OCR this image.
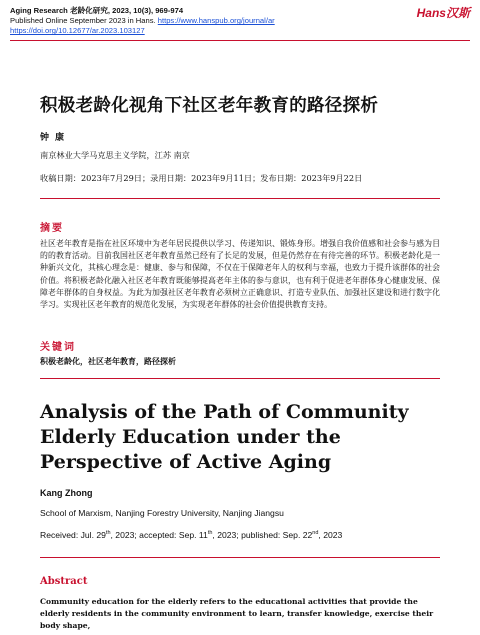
Aging Research 老龄化研究, 2023, 10(3), 969-974
Published Online September 2023 in Hans. https://www.hanspub.org/journal/ar
https://doi.org/10.12677/ar.2023.103127
Hans汉斯
积极老龄化视角下社区老年教育的路径探析
钟康
南京林业大学马克思主义学院，江苏 南京
收稿日期：2023年7月29日；录用日期：2023年9月11日；发布日期：2023年9月22日
摘要
社区老年教育是指在社区环境中为老年居民提供以学习、传递知识、锻炼身形。增强自我价值感和社会参与感为目的的教育活动。目前我国社区老年教育虽然已经有了长足的发展，但是仍然存在有待完善的环节。积极老龄化是一种新兴文化，其核心理念是：健康、参与和保障，不仅在于保障老年人的权利与幸福，也致力于提升该群体的社会价值。将积极老龄化融入社区老年教育既能够提高老年主体的参与意识，也有利于促进老年群体身心健康发展、保障老年群体的自身权益。为此为加强社区老年教育必须树立正确意识、打造专业队伍、加强社区建设和进行数字化学习。实现社区老年教育的规范化发展，为实现老年群体的社会价值提供教育支持。
关键词
积极老龄化，社区老年教育，路径探析
Analysis of the Path of Community
Elderly Education under the
Perspective of Active Aging
Kang Zhong
School of Marxism, Nanjing Forestry University, Nanjing Jiangsu
Received: Jul. 29th, 2023; accepted: Sep. 11th, 2023; published: Sep. 22nd, 2023
Abstract
Community education for the elderly refers to the educational activities that provide the elderly residents in the community environment to learn, transfer knowledge, exercise their body shape,
